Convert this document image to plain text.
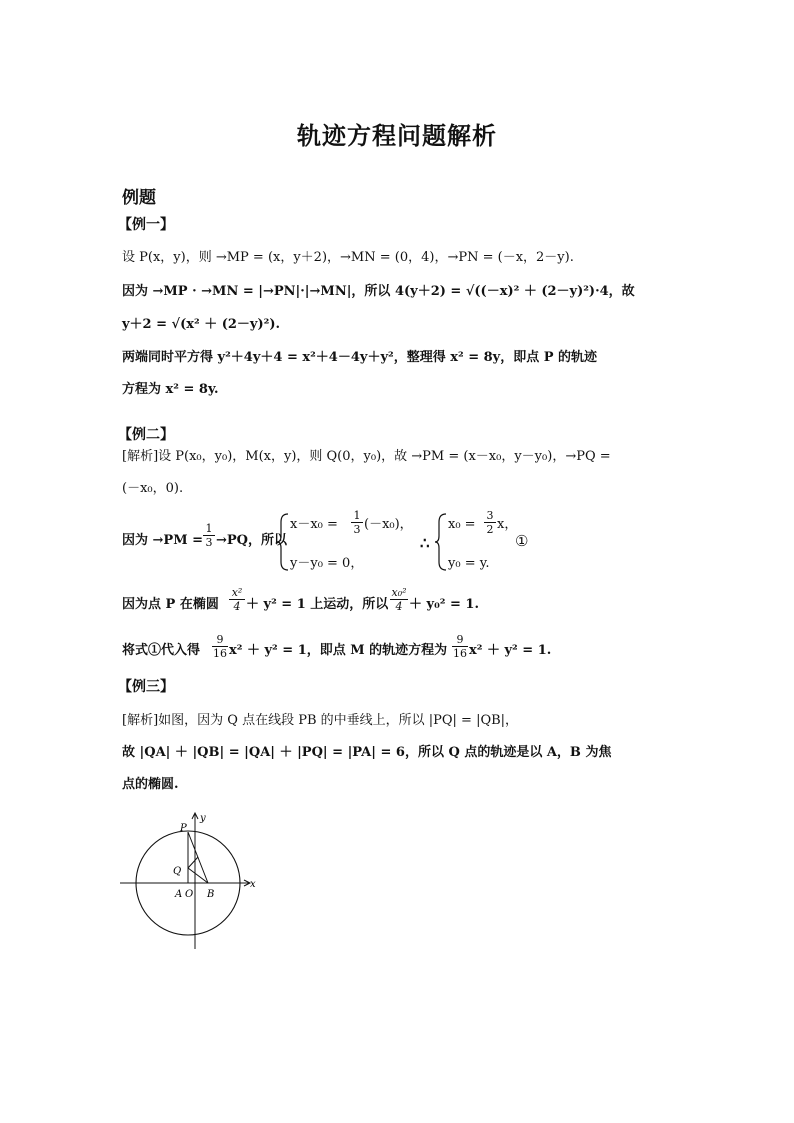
轨迹方程问题解析
例题
【例一】
设 P(x，y)，则 →MP = (x，y＋2)，→MN = (0，4)，→PN = (－x，2－y).
因为 →MP · →MN = |→PN|·|→MN|，所以 4(y＋2) = √((－x)² ＋ (2－y)²)·4，故
y＋2 = √(x² ＋ (2－y)²).
两端同时平方得 y²＋4y＋4 = x²＋4－4y＋y²，整理得 x² = 8y，即点 P 的轨迹
方程为 x² = 8y.
【例二】
[解析]设 P(x₀，y₀)，M(x，y)，则 Q(0，y₀)，故 →PM = (x－x₀，y－y₀)，→PQ =
(－x₀，0).
因为 →PM =
1
3 →PQ，所以
x－x₀ =
1
3 (－x₀)，
y－y₀ = 0，
∴
x₀ =
3
2 x，
y₀ = y.
①
因为点 P 在椭圆
x²
4 ＋ y² = 1 上运动，所以
x₀²
4 ＋ y₀² = 1.
将式①代入得
9
16 x² ＋ y² = 1，即点 M 的轨迹方程为
9
16 x² ＋ y² = 1.
【例三】
[解析]如图，因为 Q 点在线段 PB 的中垂线上，所以 |PQ| = |QB|，
故 |QA| ＋ |QB| = |QA| ＋ |PQ| = |PA| = 6，所以 Q 点的轨迹是以 A，B 为焦
点的椭圆.
P
y
Q
x
A O B
